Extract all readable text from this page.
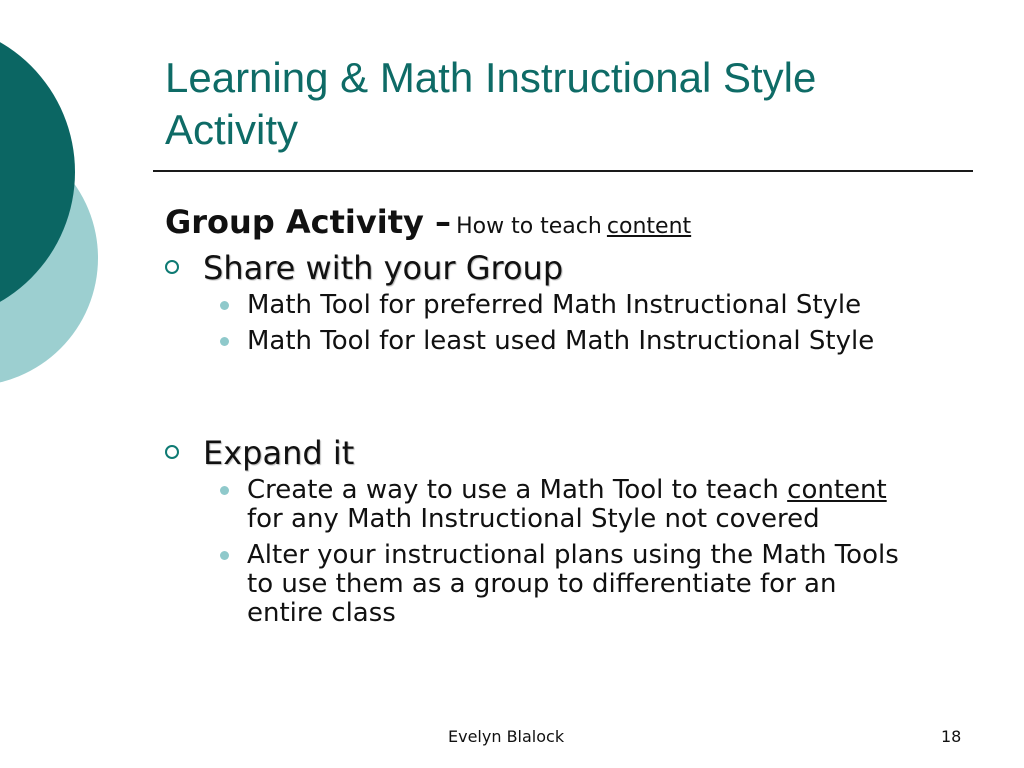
Learning & Math Instructional Style
Activity
Group Activity – How to teach content
Share with your Group
Math Tool for preferred Math Instructional Style
Math Tool for least used Math Instructional Style
Expand it
Create a way to use a Math Tool to teach content for any Math Instructional Style not covered
Alter your instructional plans using the Math Tools to use them as a group to differentiate for an entire class
Evelyn Blalock	18
